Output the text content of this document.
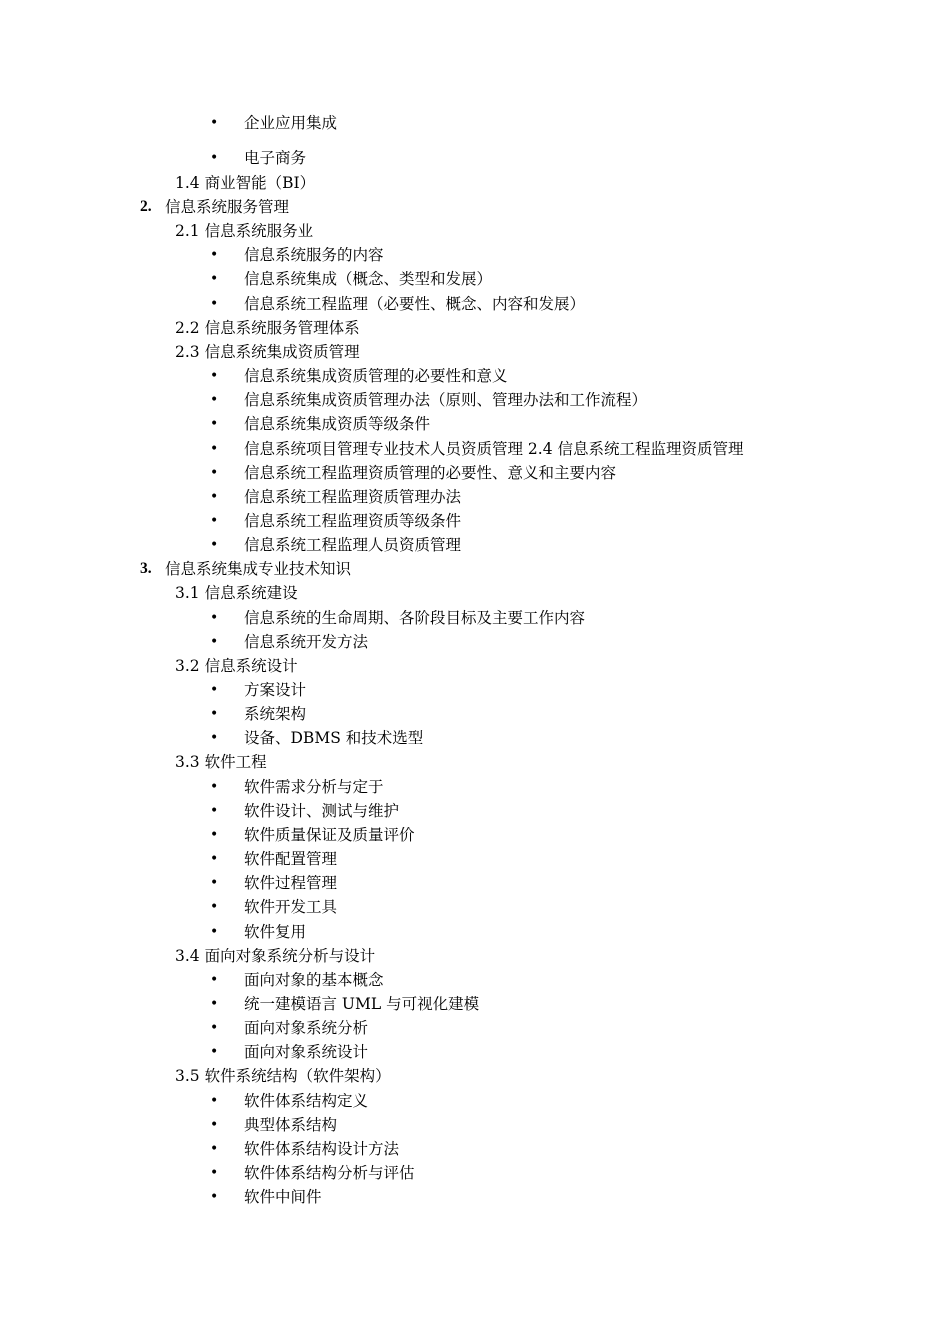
• 企业应用集成
• 电子商务
1.4 商业智能（BI）
2. 信息系统服务管理
2.1 信息系统服务业
• 信息系统服务的内容
• 信息系统集成（概念、类型和发展）
• 信息系统工程监理（必要性、概念、内容和发展）
2.2 信息系统服务管理体系
2.3 信息系统集成资质管理
• 信息系统集成资质管理的必要性和意义
• 信息系统集成资质管理办法（原则、管理办法和工作流程）
• 信息系统集成资质等级条件
• 信息系统项目管理专业技术人员资质管理 2.4 信息系统工程监理资质管理
• 信息系统工程监理资质管理的必要性、意义和主要内容
• 信息系统工程监理资质管理办法
• 信息系统工程监理资质等级条件
• 信息系统工程监理人员资质管理
3. 信息系统集成专业技术知识
3.1 信息系统建设
• 信息系统的生命周期、各阶段目标及主要工作内容
• 信息系统开发方法
3.2 信息系统设计
• 方案设计
• 系统架构
• 设备、DBMS 和技术选型
3.3 软件工程
• 软件需求分析与定于
• 软件设计、测试与维护
• 软件质量保证及质量评价
• 软件配置管理
• 软件过程管理
• 软件开发工具
• 软件复用
3.4 面向对象系统分析与设计
• 面向对象的基本概念
• 统一建模语言 UML 与可视化建模
• 面向对象系统分析
• 面向对象系统设计
3.5 软件系统结构（软件架构）
• 软件体系结构定义
• 典型体系结构
• 软件体系结构设计方法
• 软件体系结构分析与评估
• 软件中间件
